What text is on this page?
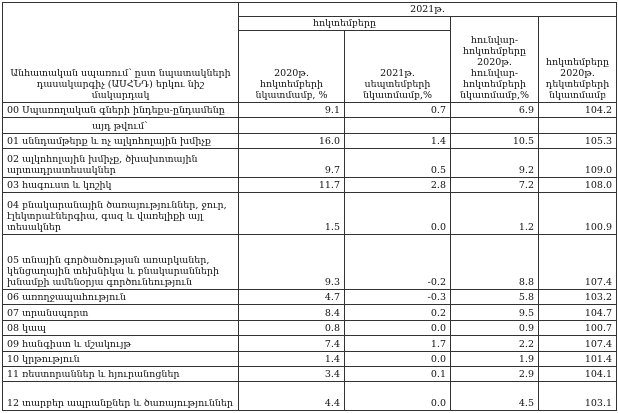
Անհատական սպառում՝ ըստ նպատակների դասակարգիչ (ԱՍՀՆԴ) երկու նիշ մակարդակ	2021թ.			
	հոկտեմբերը		հունվար-հոկտեմբերը 2020թ. հունվար-հոկտեմբերի նկատմամբ,%	հոկտեմբերը 2020թ. դեկտեմբերի նկատմամբ
	2020թ. հոկտեմբերի նկատմամբ, %	2021թ. սեպտեմբերի նկատմամբ,%		
00 Սպառողական գների ինդեքս-ընդամենը	9.1	0.7	6.9	104.2
այդ թվում`				
01 սննդամթերք և ոչ ալկոհոլային խմիչք	16.0	1.4	10.5	105.3
02 ալկոհոլային խմիչք, ծխախոտային արտադրատեսակներ	9.7	0.5	9.2	109.0
03 հագուստ և կոշիկ	11.7	2.8	7.2	108.0
04 բնակարանային ծառայություններ, ջուր, էլեկտրաէներգիա, գազ և վառելիքի այլ տեսակներ	1.5	0.0	1.2	100.9
05 տնային գործածության առարկաներ, կենցաղային տեխնիկա և բնակարանների խնամքի ամենօրյա գործունեություն	9.3	-0.2	8.8	107.4
06 առողջապահություն	4.7	-0.3	5.8	103.2
07 տրանսպորտ	8.4	0.2	9.5	104.7
08 կապ	0.8	0.0	0.9	100.7
09 հանգիստ և մշակույթ	7.4	1.7	2.2	107.4
10 կրթություն	1.4	0.0	1.9	101.4
11 ռեստորաններ և հյուրանոցներ	3.4	0.1	2.9	104.1
12 տարբեր ապրանքներ և ծառայություններ	4.4	0.0	4.5	103.1
